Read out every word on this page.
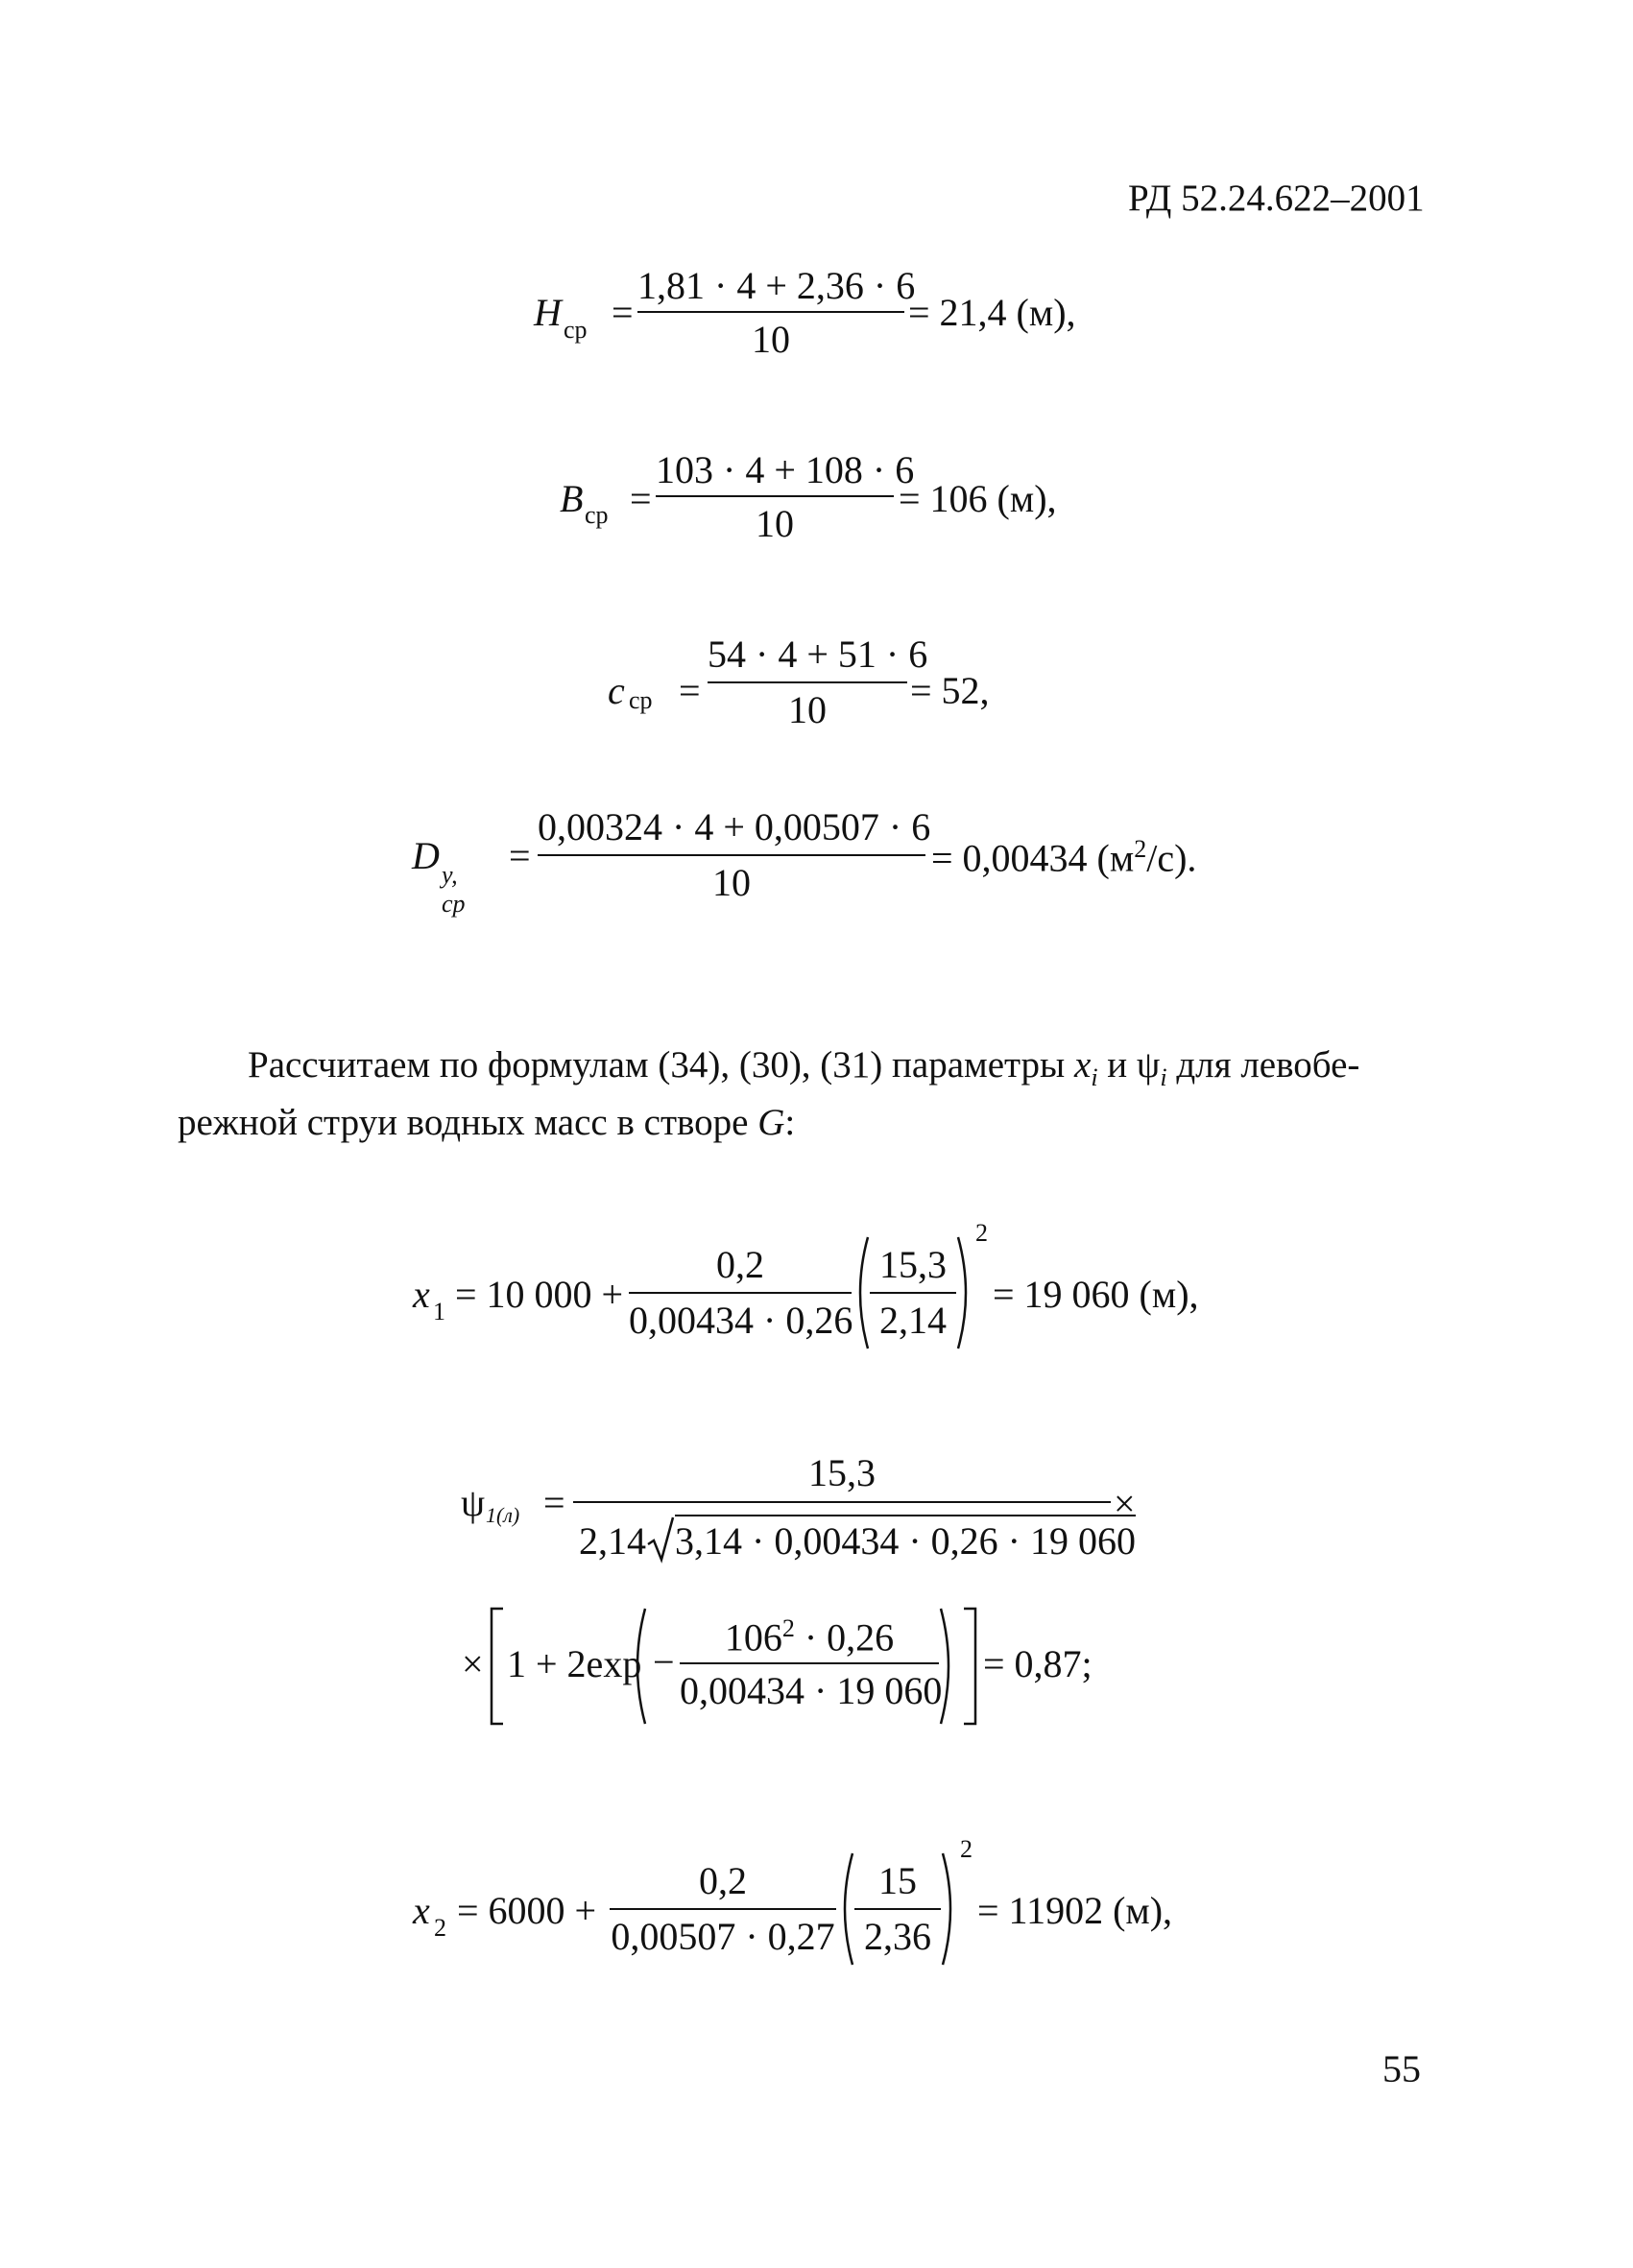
РД 52.24.622–2001
H ср =
1,81 · 4 + 2,36 · 6
10
= 21,4 (м),
B ср =
103 · 4 + 108 · 6
10
= 106 (м),
c ср =
54 · 4 + 51 · 6
10	= 52,
D y, ср
=
0,00324 · 4 + 0,00507 · 6
10
= 0,00434 $(м^2/с)$.
Рассчитаем по формулам (34), (30), (31) параметры $x_i$ и $\psi_i$ для левобе-
режной струи водных масс в створе G:
x 1 = 10 000 +
0,2
0,00434 · 0,26
15,3
2,14
2
= 19 060 (м),
ψ 1(л) =
15,3
2,14 3,14 · 0,00434 · 0,26 · 19 060
×
× 1 + 2exp −
$106^2 \cdot 0,26$
0,00434 · 19 060
= 0,87;
x 2 = 6000 +
0,2
0,00507 · 0,27
15
2,36
2
= 11902 (м),
55
